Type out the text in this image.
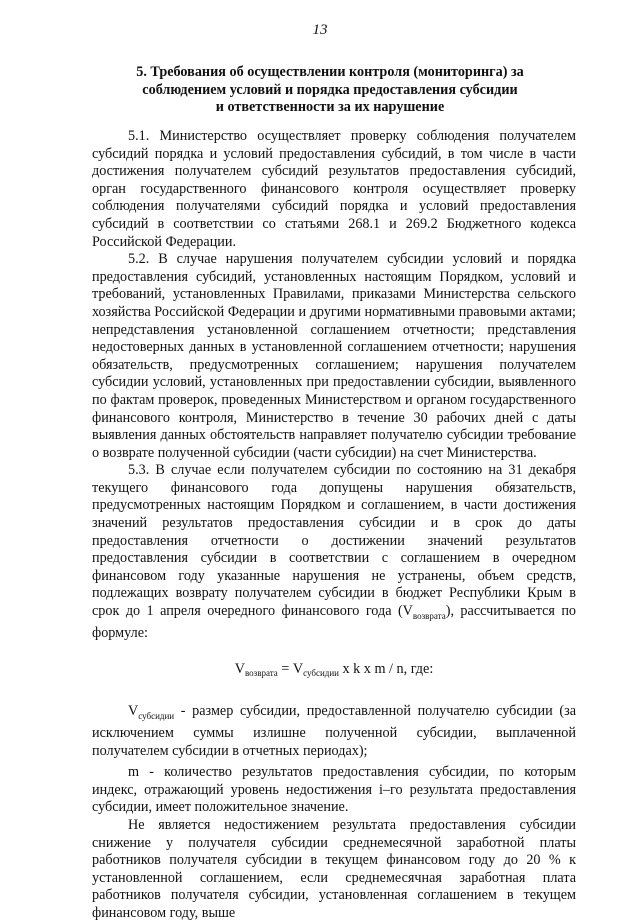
13
5. Требования об осуществлении контроля (мониторинга) за
соблюдением условий и порядка предоставления субсидии
и ответственности за их нарушение

5.1. Министерство осуществляет проверку соблюдения получателем субсидий порядка и условий предоставления субсидий, в том числе в части достижения получателем субсидий результатов предоставления субсидий, орган государственного финансового контроля осуществляет проверку соблюдения получателями субсидий порядка и условий предоставления субсидий в соответствии со статьями 268.1 и 269.2 Бюджетного кодекса Российской Федерации.

5.2. В случае нарушения получателем субсидии условий и порядка предоставления субсидий, установленных настоящим Порядком, условий и требований, установленных Правилами, приказами Министерства сельского хозяйства Российской Федерации и другими нормативными правовыми актами; непредставления установленной соглашением отчетности; представления недостоверных данных в установленной соглашением отчетности; нарушения обязательств, предусмотренных соглашением; нарушения получателем субсидии условий, установленных при предоставлении субсидии, выявленного по фактам проверок, проведенных Министерством и органом государственного финансового контроля, Министерство в течение 30 рабочих дней с даты выявления данных обстоятельств направляет получателю субсидии требование о возврате полученной субсидии (части субсидии) на счет Министерства.

5.3. В случае если получателем субсидии по состоянию на 31 декабря текущего финансового года допущены нарушения обязательств, предусмотренных настоящим Порядком и соглашением, в части достижения значений результатов предоставления субсидии и в срок до даты предоставления отчетности о достижении значений результатов предоставления субсидии в соответствии с соглашением в очередном финансовом году указанные нарушения не устранены, объем средств, подлежащих возврату получателем субсидии в бюджет Республики Крым в срок до 1 апреля очередного финансового года $(V_{возврата})$, рассчитывается по формуле:

$V_{возврата} = V_{субсидии}$ x k x m / n, где:

$V_{субсидии}$ - размер субсидии, предоставленной получателю субсидии (за исключением суммы излишне полученной субсидии, выплаченной получателем субсидии в отчетных периодах);

m - количество результатов предоставления субсидии, по которым индекс, отражающий уровень недостижения i–го результата предоставления субсидии, имеет положительное значение.

Не является недостижением результата предоставления субсидии снижение у получателя субсидии среднемесячной заработной платы работников получателя субсидии в текущем финансовом году до 20 % к установленной соглашением, если среднемесячная заработная плата работников получателя субсидии, установленная соглашением в текущем финансовом году, выше
